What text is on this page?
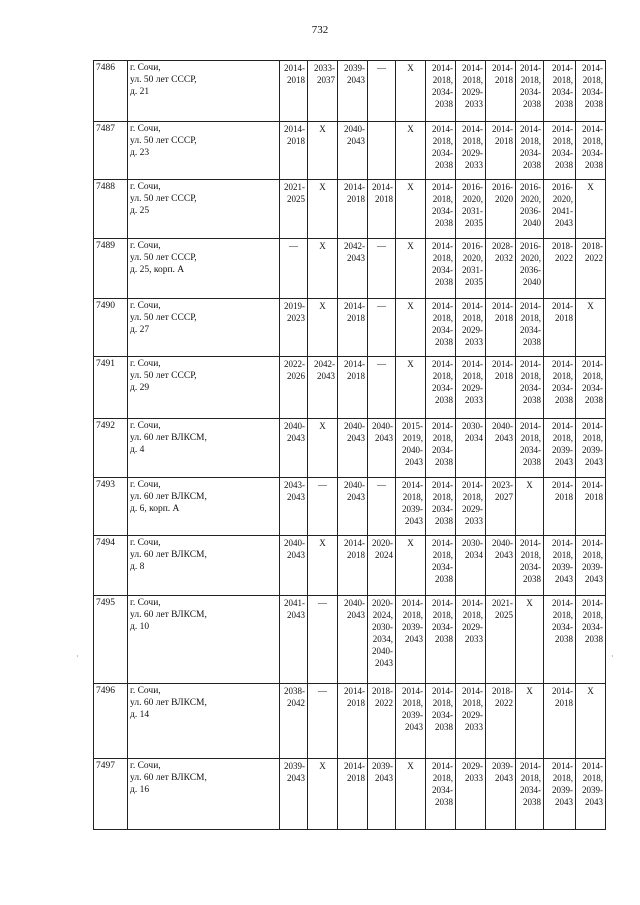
732
7486	г. Сочи,
ул. 50 лет СССР,
д. 21	2014-2018	2033-2037	2039-2043	—	X	2014-2018, 2034-2038	2014-2018, 2029-2033	2014-2018	2014-2018, 2034-2038	2014-2018, 2034-2038	2014-2018, 2034-2038
7487	г. Сочи,
ул. 50 лет СССР,
д. 23	2014-2018	X	2040-2043		X	2014-2018, 2034-2038	2014-2018, 2029-2033	2014-2018	2014-2018, 2034-2038	2014-2018, 2034-2038	2014-2018, 2034-2038
7488	г. Сочи,
ул. 50 лет СССР,
д. 25	2021-2025	X	2014-2018	2014-2018	X	2014-2018, 2034-2038	2016-2020, 2031-2035	2016-2020	2016-2020, 2036-2040	2016-2020, 2041-2043	X
7489	г. Сочи,
ул. 50 лет СССР,
д. 25, корп. А	—	X	2042-2043	—	X	2014-2018, 2034-2038	2016-2020, 2031-2035	2028-2032	2016-2020, 2036-2040	2018-2022	2018-2022
7490	г. Сочи,
ул. 50 лет СССР,
д. 27	2019-2023	X	2014-2018	—	X	2014-2018, 2034-2038	2014-2018, 2029-2033	2014-2018	2014-2018, 2034-2038	2014-2018	X
7491	г. Сочи,
ул. 50 лет СССР,
д. 29	2022-2026	2042-2043	2014-2018	—	X	2014-2018, 2034-2038	2014-2018, 2029-2033	2014-2018	2014-2018, 2034-2038	2014-2018, 2034-2038	2014-2018, 2034-2038
7492	г. Сочи,
ул. 60 лет ВЛКСМ,
д. 4	2040-2043	X	2040-2043	2040-2043	2015-2019, 2040-2043	2014-2018, 2034-2038	2030-2034	2040-2043	2014-2018, 2034-2038	2014-2018, 2039-2043	2014-2018, 2039-2043
7493	г. Сочи,
ул. 60 лет ВЛКСМ,
д. 6, корп. А	2043-2043	—	2040-2043	—	2014-2018, 2039-2043	2014-2018, 2034-2038	2014-2018, 2029-2033	2023-2027	X	2014-2018	2014-2018
7494	г. Сочи,
ул. 60 лет ВЛКСМ,
д. 8	2040-2043	X	2014-2018	2020-2024	X	2014-2018, 2034-2038	2030-2034	2040-2043	2014-2018, 2034-2038	2014-2018, 2039-2043	2014-2018, 2039-2043
7495	г. Сочи,
ул. 60 лет ВЛКСМ,
д. 10	2041-2043	—	2040-2043	2020-2024, 2030-2034, 2040-2043	2014-2018, 2039-2043	2014-2018, 2034-2038	2014-2018, 2029-2033	2021-2025	X	2014-2018, 2034-2038	2014-2018, 2034-2038
7496	г. Сочи,
ул. 60 лет ВЛКСМ,
д. 14	2038-2042	—	2014-2018	2018-2022	2014-2018, 2039-2043	2014-2018, 2034-2038	2014-2018, 2029-2033	2018-2022	X	2014-2018	X
7497	г. Сочи,
ул. 60 лет ВЛКСМ,
д. 16	2039-2043	X	2014-2018	2039-2043	X	2014-2018, 2034-2038	2029-2033	2039-2043	2014-2018, 2034-2038	2014-2018, 2039-2043	2014-2018, 2039-2043
·	·
